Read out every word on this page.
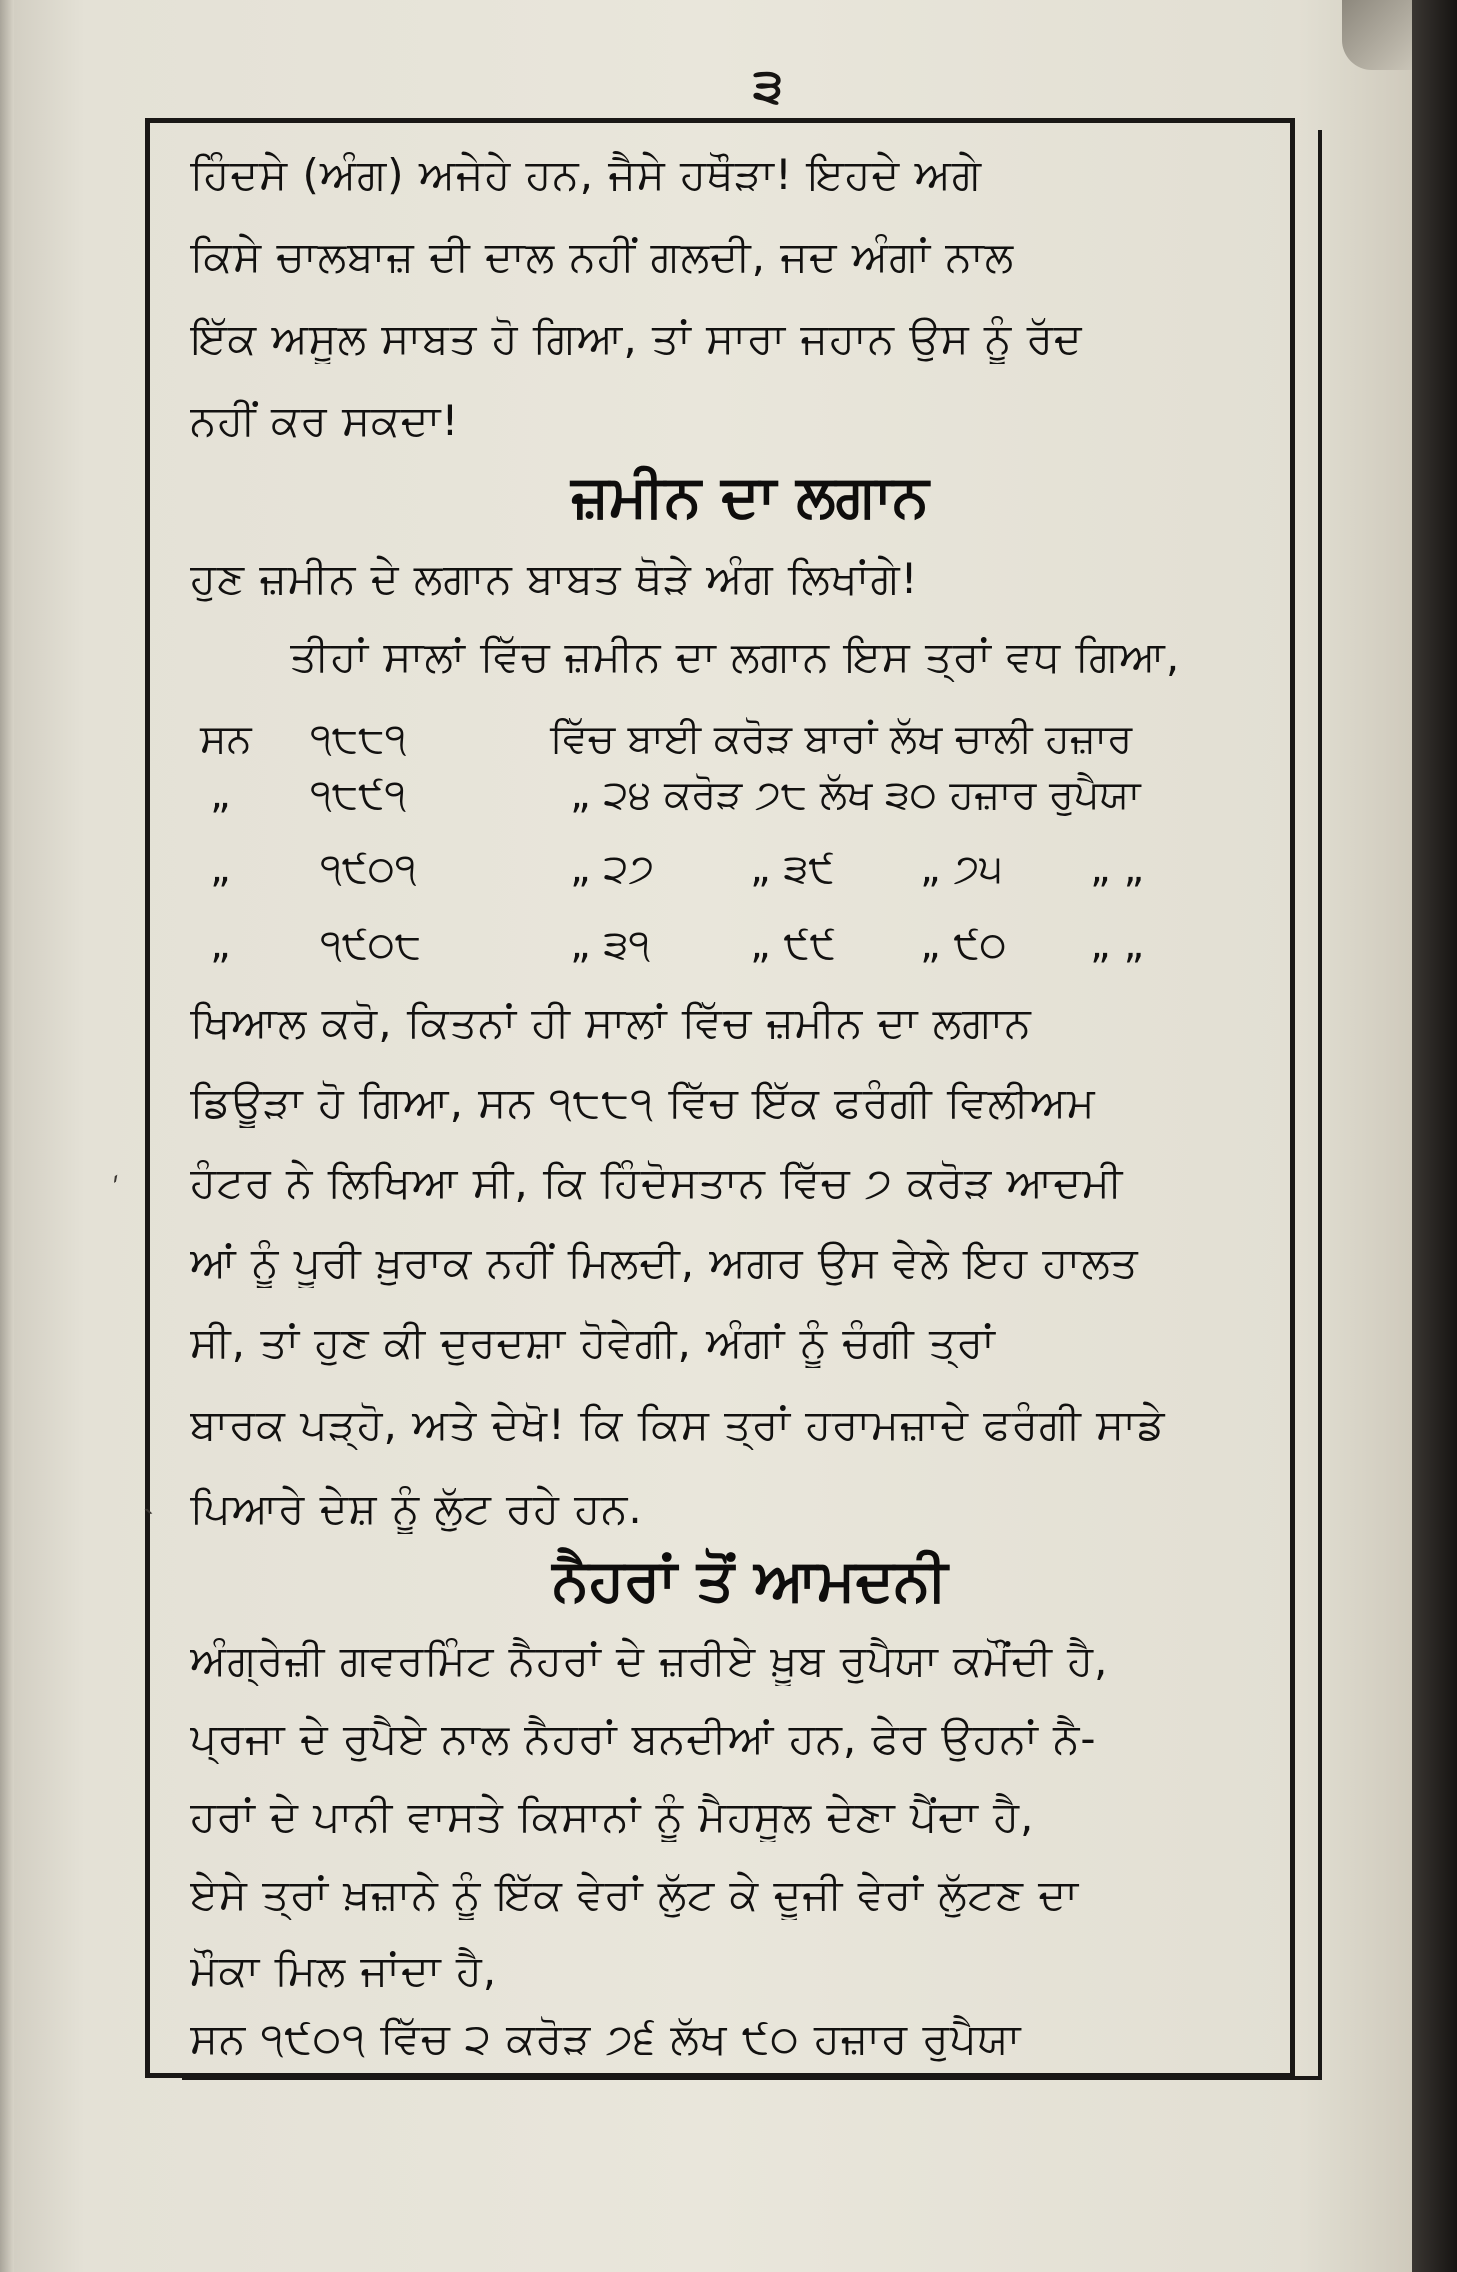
੩
ਹਿੰਦਸੇ (ਅੰਗ) ਅਜੇਹੇ ਹਨ, ਜੈਸੇ ਹਥੌੜਾ! ਇਹਦੇ ਅਗੇ
ਕਿਸੇ ਚਾਲਬਾਜ਼ ਦੀ ਦਾਲ ਨਹੀਂ ਗਲਦੀ, ਜਦ ਅੰਗਾਂ ਨਾਲ
ਇੱਕ ਅਸੂਲ ਸਾਬਤ ਹੋ ਗਿਆ, ਤਾਂ ਸਾਰਾ ਜਹਾਨ ਉਸ ਨੂੰ ਰੱਦ
ਨਹੀਂ ਕਰ ਸਕਦਾ!
ਜ਼ਮੀਨ ਦਾ ਲਗਾਨ
ਹੁਣ ਜ਼ਮੀਨ ਦੇ ਲਗਾਨ ਬਾਬਤ ਥੋੜੇ ਅੰਗ ਲਿਖਾਂਗੇ!
ਤੀਹਾਂ ਸਾਲਾਂ ਵਿੱਚ ਜ਼ਮੀਨ ਦਾ ਲਗਾਨ ਇਸ ਤ੍ਰਾਂ ਵਧ ਗਿਆ,
ਸਨ ੧੮੮੧	ਵਿੱਚ ਬਾਈ ਕਰੋੜ ਬਾਰਾਂ ਲੱਖ ਚਾਲੀ ਹਜ਼ਾਰ
„ ੧੮੯੧	„ ੨੪ ਕਰੋੜ ੭੮ ਲੱਖ ੩੦ ਹਜ਼ਾਰ ਰੁਪੈਯਾ
„ ੧੯੦੧	„ ੨੭ „ ੩੯ „ ੭੫ „ „
„ ੧੯੦੮	„ ੩੧ „ ੯੯ „ ੯੦ „ „
ਖਿਆਲ ਕਰੋ, ਕਿਤਨਾਂ ਹੀ ਸਾਲਾਂ ਵਿੱਚ ਜ਼ਮੀਨ ਦਾ ਲਗਾਨ
ਡਿਊੜਾ ਹੋ ਗਿਆ, ਸਨ ੧੮੮੧ ਵਿੱਚ ਇੱਕ ਫਰੰਗੀ ਵਿਲੀਅਮ
ਹੰਟਰ ਨੇ ਲਿਖਿਆ ਸੀ, ਕਿ ਹਿੰਦੋਸਤਾਨ ਵਿੱਚ ੭ ਕਰੋੜ ਆਦਮੀ
ਆਂ ਨੂੰ ਪੂਰੀ ਖ਼ੁਰਾਕ ਨਹੀਂ ਮਿਲਦੀ, ਅਗਰ ਉਸ ਵੇਲੇ ਇਹ ਹਾਲਤ
ਸੀ, ਤਾਂ ਹੁਣ ਕੀ ਦੁਰਦਸ਼ਾ ਹੋਵੇਗੀ, ਅੰਗਾਂ ਨੂੰ ਚੰਗੀ ਤ੍ਰਾਂ
ਬਾਰਕ ਪੜ੍ਹੋ, ਅਤੇ ਦੇਖੋ! ਕਿ ਕਿਸ ਤ੍ਰਾਂ ਹਰਾਮਜ਼ਾਦੇ ਫਰੰਗੀ ਸਾਡੇ
ਪਿਆਰੇ ਦੇਸ਼ ਨੂੰ ਲੁੱਟ ਰਹੇ ਹਨ.
ਨੈਹਰਾਂ ਤੋਂ ਆਮਦਨੀ
ਅੰਗ੍ਰੇਜ਼ੀ ਗਵਰਮਿੰਟ ਨੈਹਰਾਂ ਦੇ ਜ਼ਰੀਏ ਖ਼ੂਬ ਰੁਪੈਯਾ ਕਮੌਂਦੀ ਹੈ,
ਪ੍ਰਜਾ ਦੇ ਰੁਪੈਏ ਨਾਲ ਨੈਹਰਾਂ ਬਨਦੀਆਂ ਹਨ, ਫੇਰ ਉਹਨਾਂ ਨੈ-
ਹਰਾਂ ਦੇ ਪਾਨੀ ਵਾਸਤੇ ਕਿਸਾਨਾਂ ਨੂੰ ਮੈਹਸੂਲ ਦੇਣਾ ਪੈਂਦਾ ਹੈ,
ਏਸੇ ਤ੍ਰਾਂ ਖ਼ਜ਼ਾਨੇ ਨੂੰ ਇੱਕ ਵੇਰਾਂ ਲੁੱਟ ਕੇ ਦੂਜੀ ਵੇਰਾਂ ਲੁੱਟਣ ਦਾ
ਮੌਕਾ ਮਿਲ ਜਾਂਦਾ ਹੈ,
ਸਨ ੧੯੦੧ ਵਿੱਚ ੨ ਕਰੋੜ ੭੬ ਲੱਖ ੯੦ ਹਜ਼ਾਰ ਰੁਪੈਯਾ
ˏ
ˎ
